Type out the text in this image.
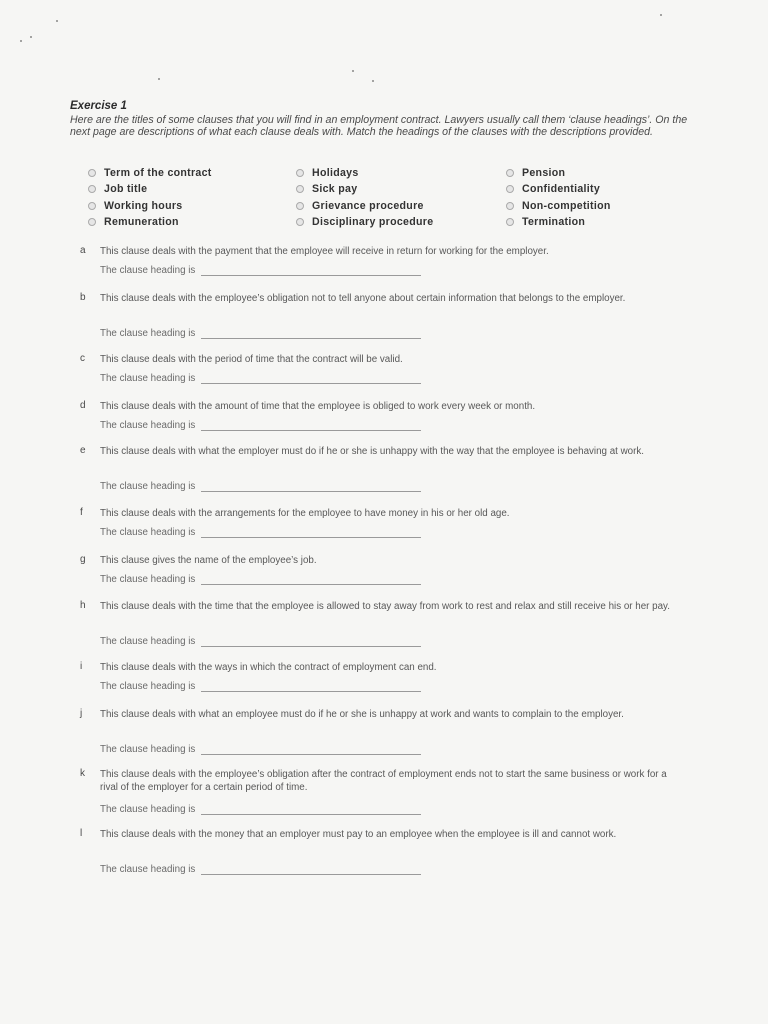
Exercise 1

Here are the titles of some clauses that you will find in an employment contract. Lawyers usually call them ‘clause headings’. On the next page are descriptions of what each clause deals with. Match the headings of the clauses with the descriptions provided.

Term of the contract	Holidays	Pension
Job title	Sick pay	Confidentiality
Working hours	Grievance procedure	Non-competition
Remuneration	Disciplinary procedure	Termination
a	This clause deals with the payment that the employee will receive in return for working for the employer.

The clause heading is
b	This clause deals with the employee’s obligation not to tell anyone about certain information that belongs to the employer.

The clause heading is
c	This clause deals with the period of time that the contract will be valid.

The clause heading is
d	This clause deals with the amount of time that the employee is obliged to work every week or month.

The clause heading is
e	This clause deals with what the employer must do if he or she is unhappy with the way that the employee is behaving at work.

The clause heading is
f	This clause deals with the arrangements for the employee to have money in his or her old age.

The clause heading is
g	This clause gives the name of the employee’s job.

The clause heading is
h	This clause deals with the time that the employee is allowed to stay away from work to rest and relax and still receive his or her pay.

The clause heading is
i	This clause deals with the ways in which the contract of employment can end.

The clause heading is
j	This clause deals with what an employee must do if he or she is unhappy at work and wants to complain to the employer.

The clause heading is
k	This clause deals with the employee’s obligation after the contract of employment ends not to start the same business or work for a rival of the employer for a certain period of time.

The clause heading is
l	This clause deals with the money that an employer must pay to an employee when the employee is ill and cannot work.

The clause heading is
